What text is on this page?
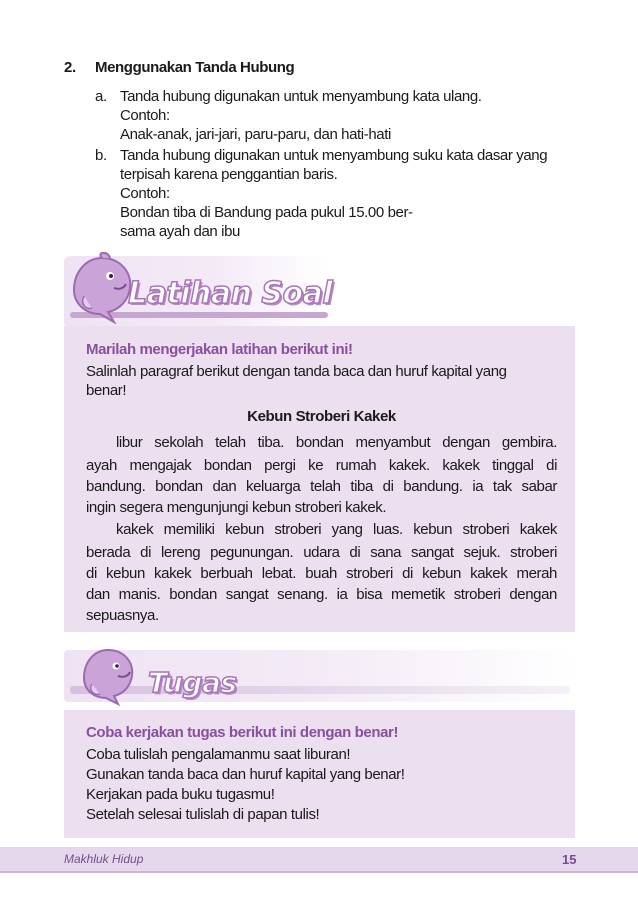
2. Menggunakan Tanda Hubung
a. Tanda hubung digunakan untuk menyambung kata ulang.
Contoh:
Anak-anak, jari-jari, paru-paru, dan hati-hati
b. Tanda hubung digunakan untuk menyambung suku kata dasar yang
terpisah karena penggantian baris.
Contoh:
Bondan tiba di Bandung pada pukul 15.00 ber-
sama ayah dan ibu
Latihan Soal
Marilah mengerjakan latihan berikut ini!
Salinlah paragraf berikut dengan tanda baca dan huruf kapital yang
benar!
Kebun Stroberi Kakek
libur sekolah telah tiba. bondan menyambut dengan gembira.
ayah mengajak bondan pergi ke rumah kakek. kakek tinggal di
bandung. bondan dan keluarga telah tiba di bandung. ia tak sabar
ingin segera mengunjungi kebun stroberi kakek.
kakek memiliki kebun stroberi yang luas. kebun stroberi kakek
berada di lereng pegunungan. udara di sana sangat sejuk. stroberi
di kebun kakek berbuah lebat. buah stroberi di kebun kakek merah
dan manis. bondan sangat senang. ia bisa memetik stroberi dengan
sepuasnya.
Tugas
Coba kerjakan tugas berikut ini dengan benar!
Coba tulislah pengalamanmu saat liburan!
Gunakan tanda baca dan huruf kapital yang benar!
Kerjakan pada buku tugasmu!
Setelah selesai tulislah di papan tulis!
Makhluk Hidup	15
